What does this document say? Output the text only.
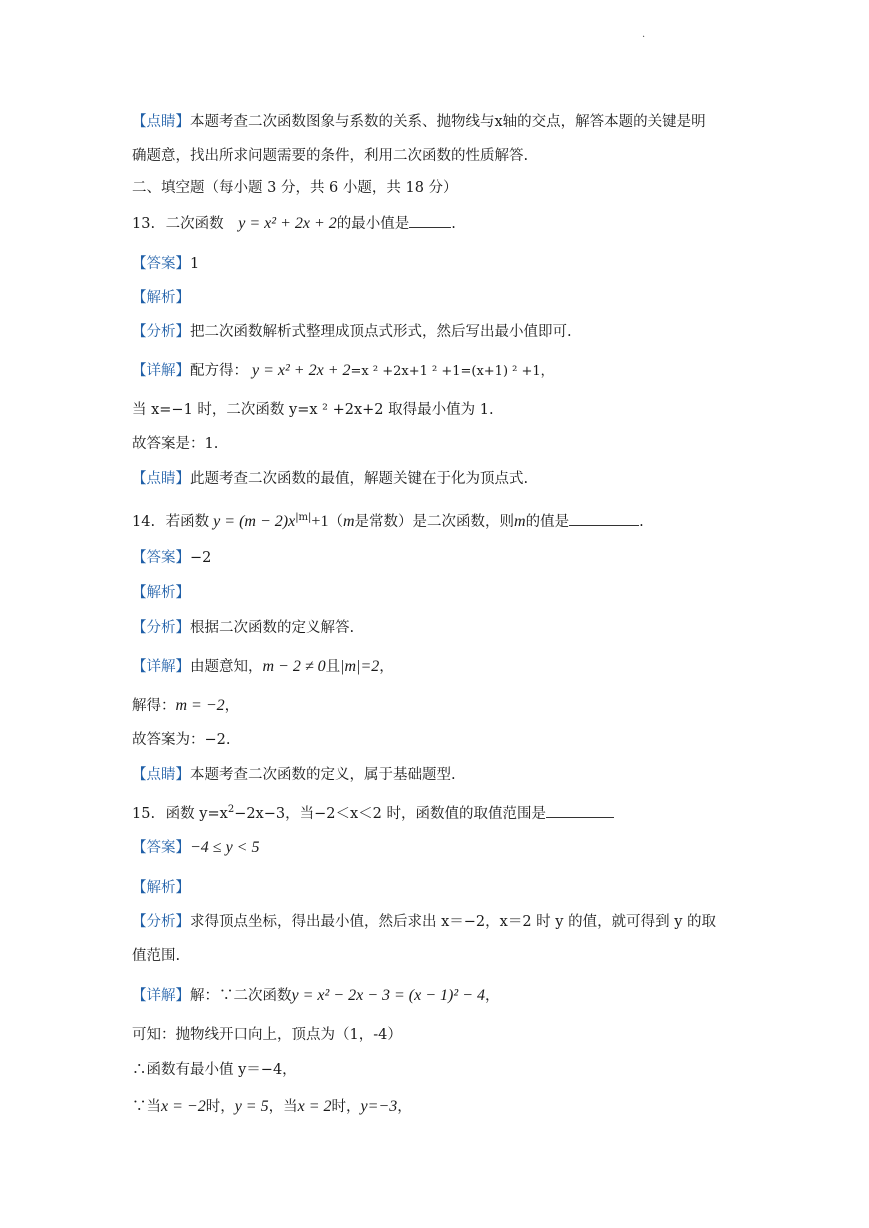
·
【点睛】本题考查二次函数图象与系数的关系、抛物线与x轴的交点，解答本题的关键是明
确题意，找出所求问题需要的条件，利用二次函数的性质解答.
二、填空题（每小题 3 分，共 6 小题，共 18 分）
13. 二次函数 y = x² + 2x + 2的最小值是	.
【答案】1
【解析】
【分析】把二次函数解析式整理成顶点式形式，然后写出最小值即可.
【详解】配方得： y = x² + 2x + 2=x ² +2x+1 ² +1=(x+1) ² +1，
当 x=−1 时，二次函数 y=x ² +2x+2 取得最小值为 1.
故答案是：1.
【点睛】此题考查二次函数的最值，解题关键在于化为顶点式.
14. 若函数 $y = (m - 2)x^{|m|}+1(m$是常数）是二次函数，则m的值是	.
【答案】−2
【解析】
【分析】根据二次函数的定义解答.
【详解】由题意知，m − 2 ≠ 0且|m|=2，
解得：m = −2，
故答案为：−2.
【点睛】本题考查二次函数的定义，属于基础题型.
15. 函数 $y=x^2-2x-3$，当−2＜x＜2 时，函数值的取值范围是
【答案】−4 ≤ y < 5
【解析】
【分析】求得顶点坐标，得出最小值，然后求出 x＝−2，x＝2 时 y 的值，就可得到 y 的取
值范围.
【详解】解：∵二次函数y = x² − 2x − 3 = (x − 1)² − 4，
可知：抛物线开口向上，顶点为（1，-4）
∴函数有最小值 y＝−4，
∵当x = −2时，y = 5，当x = 2时，y=−3，
